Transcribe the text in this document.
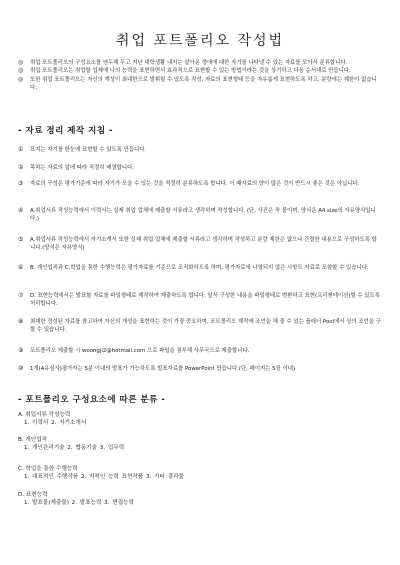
취업 포트폴리오 작성법
◎	취업 포트폴리오의 구성요소를 염두해 두고 지난 대학생활 내지는 살아온 생애에 대한 자기를 나타낼 수 있는 자료를 모아서 분류합니다.
◎	취업 포트폴리오는 취업할 업체에 나의 능력을 표현하면서 효과적으로 표현할 수 있는 방법이라는 것을 상기하고 다음 순서대로 만듭니다.
◎	또한 취업 포트폴리오는 자신의 계성이 최대한으로 발휘될 수 있도록 작성, 자료의 표현형태 등을 자유롭게 표현하도록 하고, 분량에는 제한이 없습니다.
- 자료 정리 제작 지침 -
①	표지는 자기를 한눈에 표현할 수 있도록 만듭니다.
②	목차는 자료의 앞에 따라 적절히 배열합니다.
③	자료의 구성은 평가기준에 따라 자기가 모을 수 있는 것을 적절히 분류하도록 합니다. 이 때자료의 양이 많은 것이 반드시 좋은 것은 아닙니다.
④	A.취업서류 작성능력에서 이력서는 실제 취업 업체에 제출할 서류라고 생각하며 작성합니다. (단, 사진은 꼭 붙이며, 양식은 A4 size의 자유양식입니다.)
⑤	A.취업서류 작성능력에서 자기소개서 또한 실제 취업 업체에 제출할 서류라고 생각하며 작성하고 분량 제한은 없으나 간결한 내용으로 구성하도록 합니다.(양식은 자유양식)
⑥	B. 개인업적과 C.학업을 통한 수행능력은 평가자료를 기준으로 조직화하도록 하며, 평가자료에 나열되지 않은 사항도 자료로 포함할 수 있습니다.
⑦	D. 표현능력에서는 발표할 자료를 파일형태로 제작하여 제출하도록 합니다. 앞서 구성한 내용을 파일형태로 변환하고 표현(프리젠테이션)할 수 있도록 처리합니다.
⑧	최대한 정성된 자료를 참고하여 자신의 개성을 표현하는 것이 가장 중요하며, 포트폴리오 제작에 조언을 해 줄 수 있는 플래너 Pool에서 상의 조언을 구할 수 있습니다.
⑨	포트폴리오 제출할 시 woongji2@hotmail.com 으로 파일을 첨부해 사무국으로 제출합니다.
⑩	1개(4유심사)평가자는 5분 이내의 발표가 가능하도록 발표자료를 PowerPoint 만듭니다.(단, 페이지는 5장 이내)
- 포트폴리오 구성요소에 따른 분류 -
A. 취업서류 작성능력
1. 이력서 2. 자기소개서
B. 개인업적
1. 개인관리기술 2. 협동기술 3. 업무력
C. 학업을 통한 수행능력
1. 대표적인 수행작품 2. 지적인 능력 표현작품 3. 기타 결과물
D. 표현능력
1. 발표물(제출물) 2. 발표능력 3. 면접능력
